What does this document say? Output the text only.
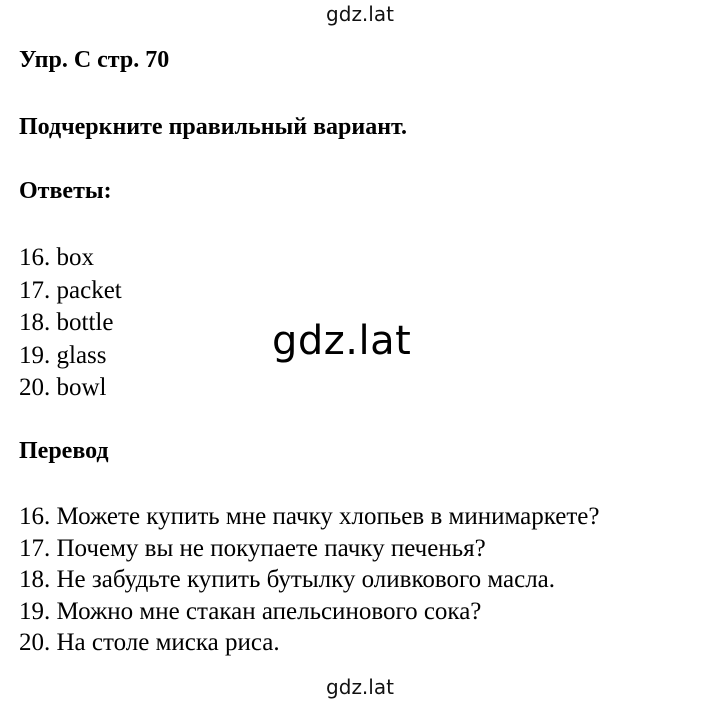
gdz.lat
Упр. C стр. 70
Подчеркните правильный вариант.
Ответы:
16. box
17. packet
18. bottle
19. glass
20. bowl
gdz.lat
Перевод
16. Можете купить мне пачку хлопьев в минимаркете?
17. Почему вы не покупаете пачку печенья?
18. Не забудьте купить бутылку оливкового масла.
19. Можно мне стакан апельсинового сока?
20. На столе миска риса.
gdz.lat
